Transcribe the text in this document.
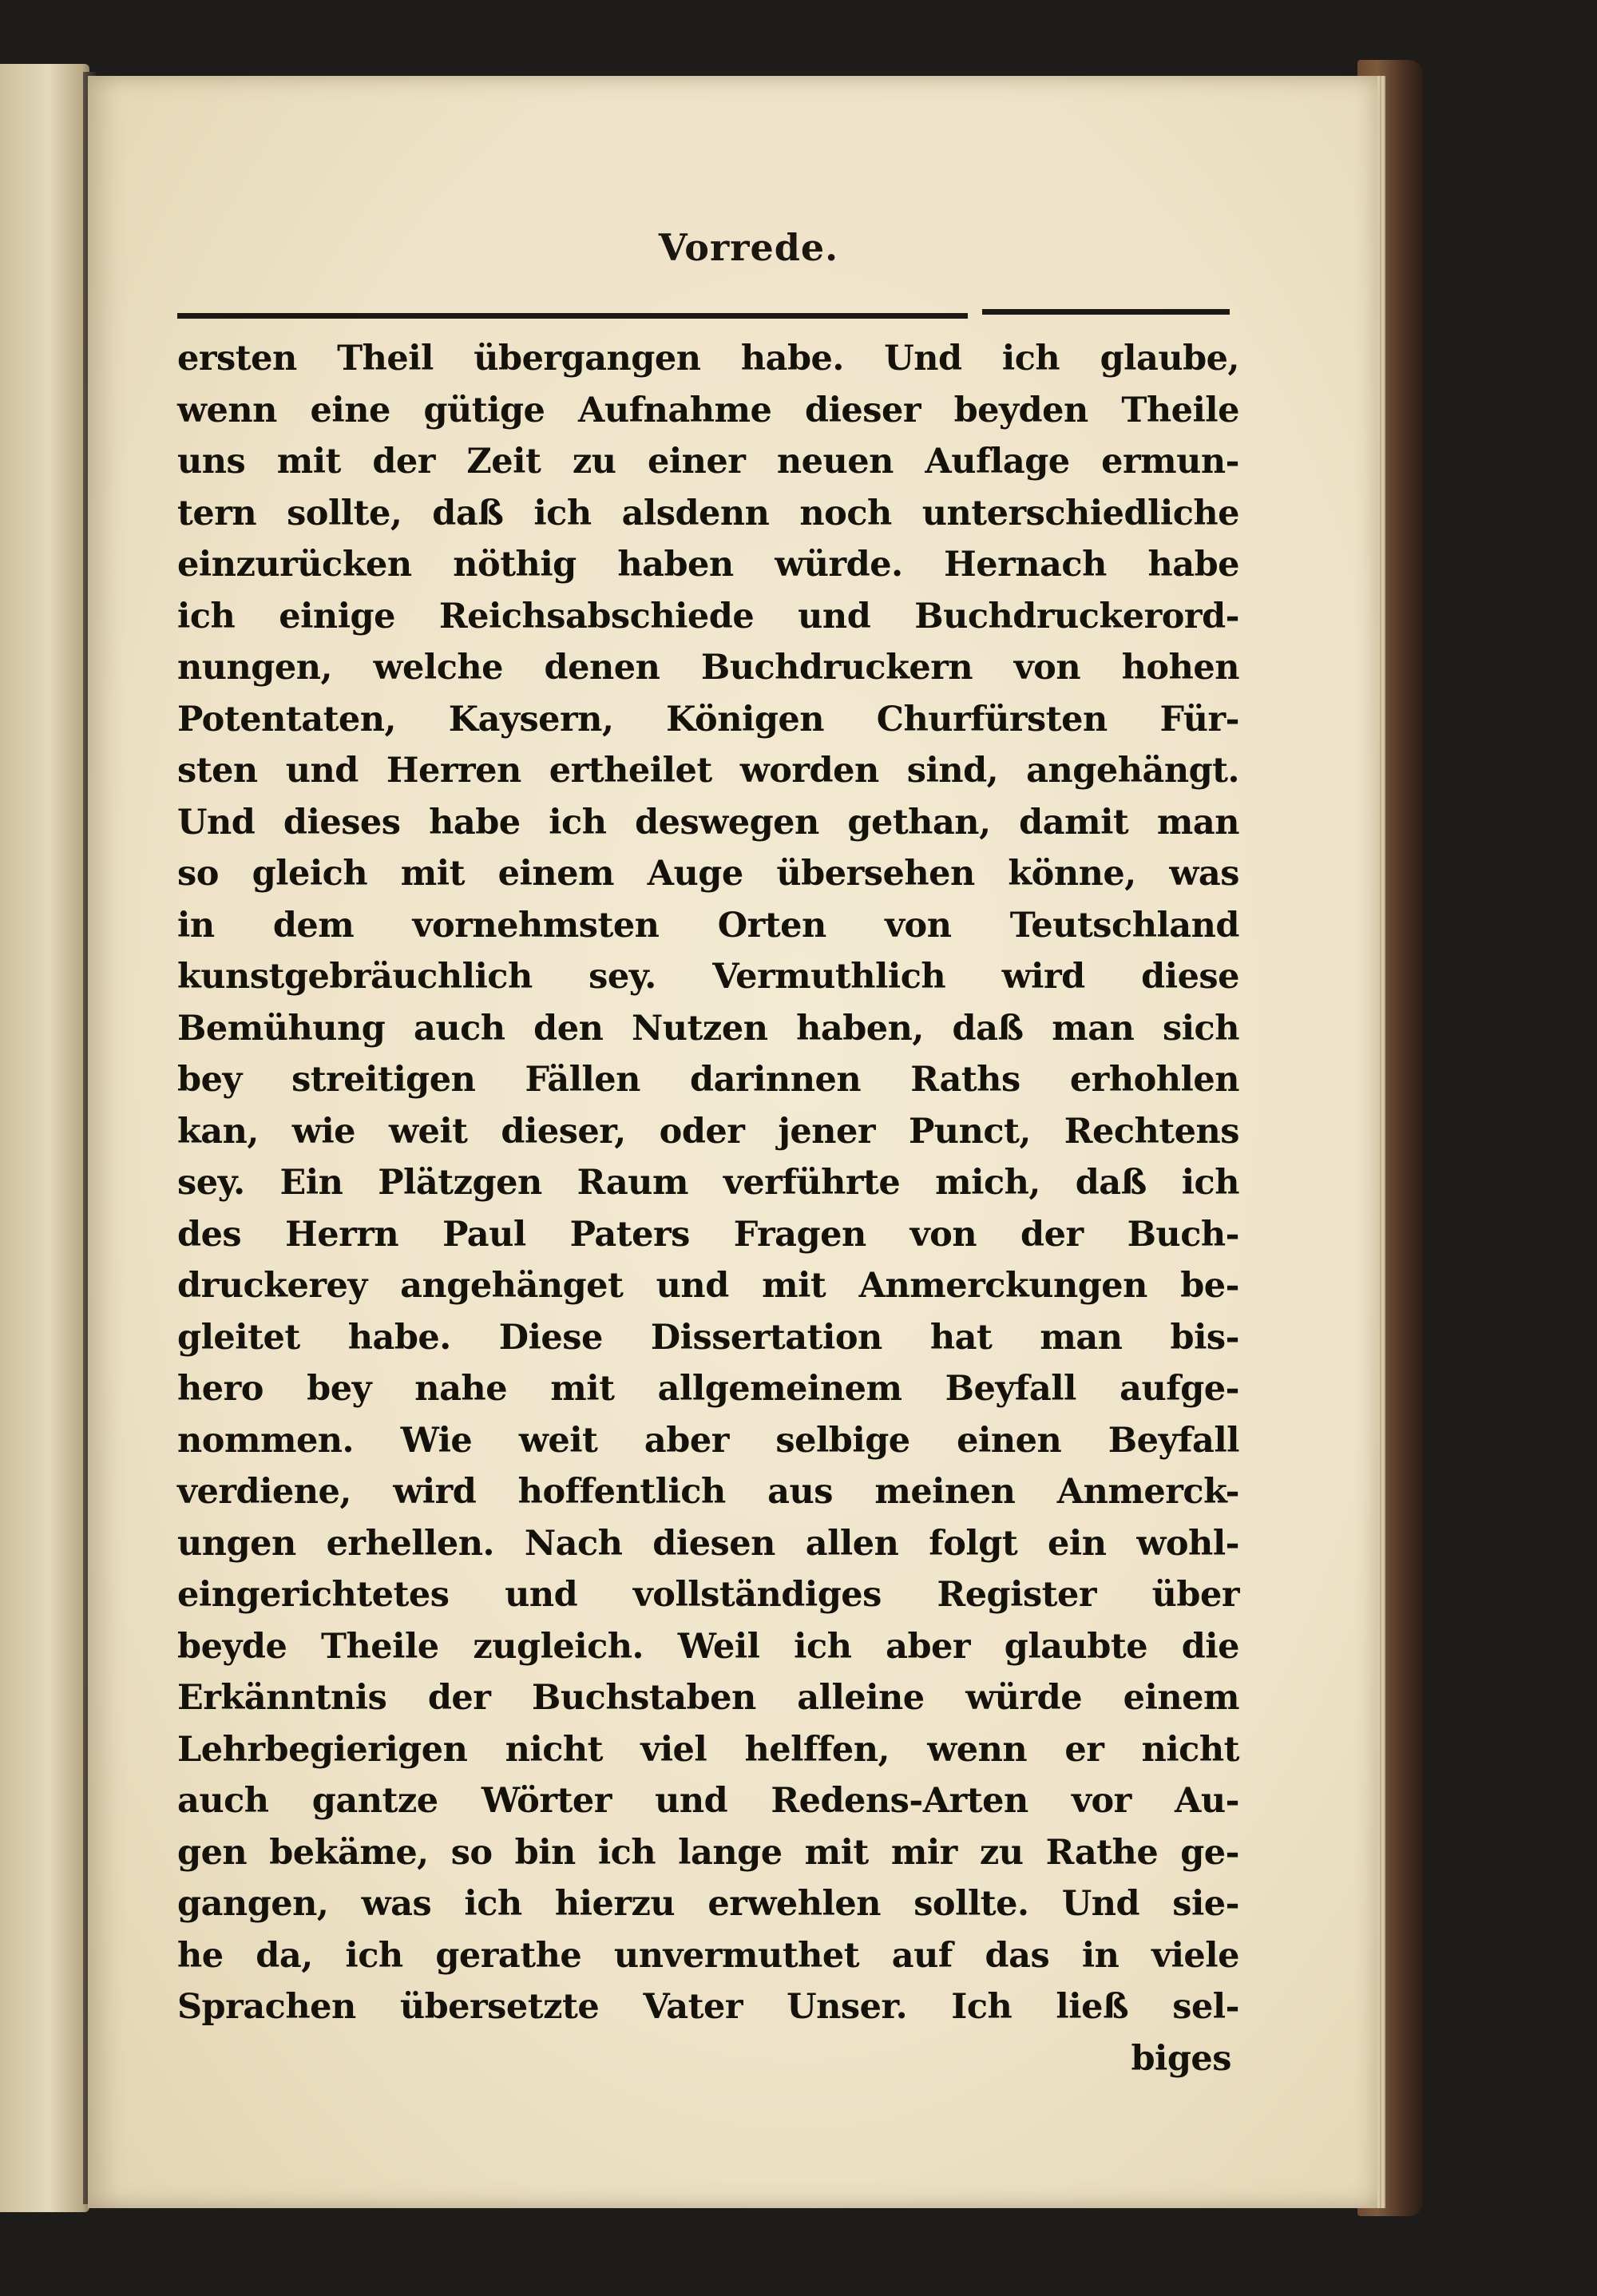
Vorrede.
ersten Theil übergangen habe. Und ich glaube,
wenn eine gütige Aufnahme dieser beyden Theile
uns mit der Zeit zu einer neuen Auflage ermun-
tern sollte, daß ich alsdenn noch unterschiedliche
einzurücken nöthig haben würde. Hernach habe
ich einige Reichsabschiede und Buchdruckerord-
nungen, welche denen Buchdruckern von hohen
Potentaten, Kaysern, Königen Churfürsten Für-
sten und Herren ertheilet worden sind, angehängt.
Und dieses habe ich deswegen gethan, damit man
so gleich mit einem Auge übersehen könne, was
in dem vornehmsten Orten von Teutschland
kunstgebräuchlich sey. Vermuthlich wird diese
Bemühung auch den Nutzen haben, daß man sich
bey streitigen Fällen darinnen Raths erhohlen
kan, wie weit dieser, oder jener Punct, Rechtens
sey. Ein Plätzgen Raum verführte mich, daß ich
des Herrn Paul Paters Fragen von der Buch-
druckerey angehänget und mit Anmerckungen be-
gleitet habe. Diese Dissertation hat man bis-
hero bey nahe mit allgemeinem Beyfall aufge-
nommen. Wie weit aber selbige einen Beyfall
verdiene, wird hoffentlich aus meinen Anmerck-
ungen erhellen. Nach diesen allen folgt ein wohl-
eingerichtetes und vollständiges Register über
beyde Theile zugleich. Weil ich aber glaubte die
Erkänntnis der Buchstaben alleine würde einem
Lehrbegierigen nicht viel helffen, wenn er nicht
auch gantze Wörter und Redens-Arten vor Au-
gen bekäme, so bin ich lange mit mir zu Rathe ge-
gangen, was ich hierzu erwehlen sollte. Und sie-
he da, ich gerathe unvermuthet auf das in viele
Sprachen übersetzte Vater Unser. Ich ließ sel-
biges
